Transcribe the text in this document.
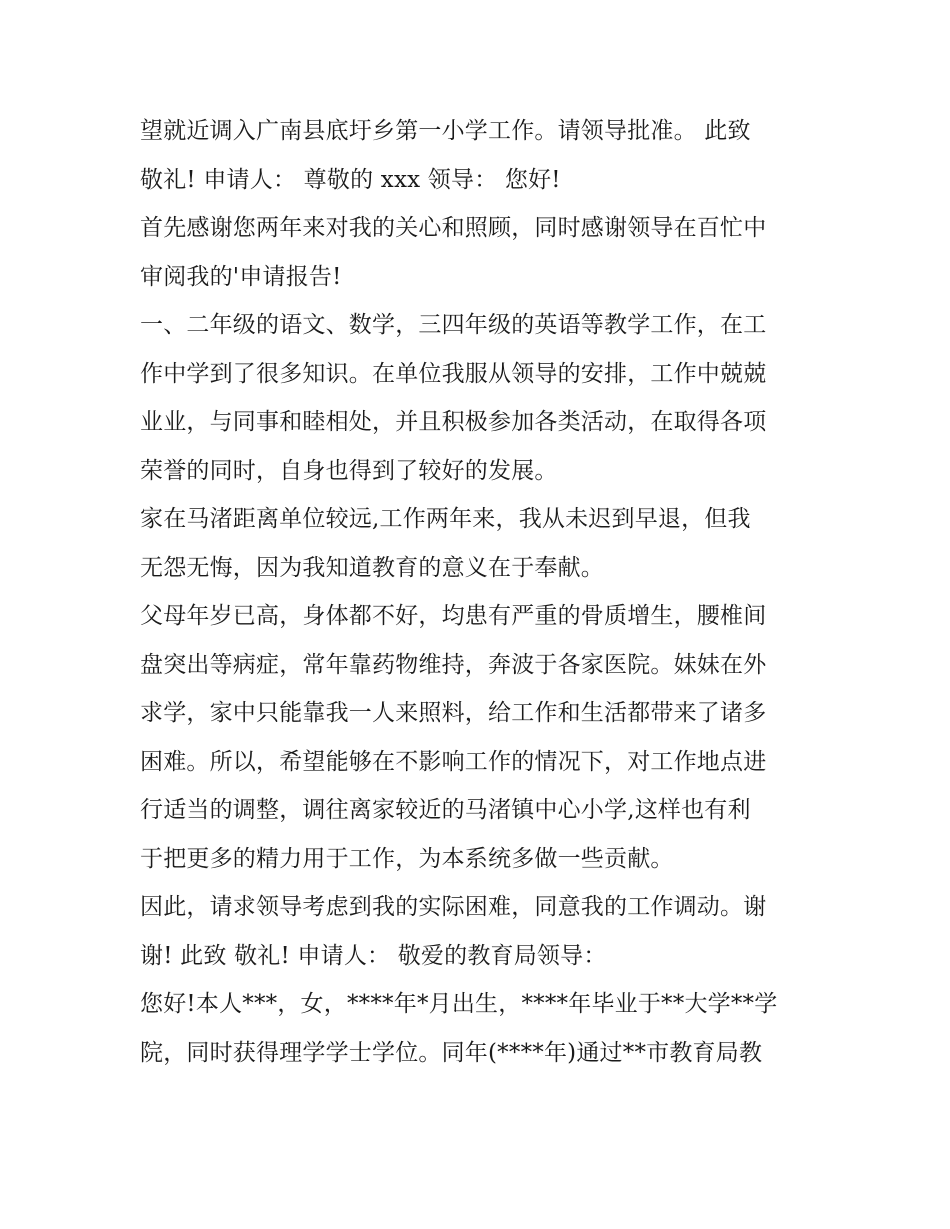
望就近调入广南县底圩乡第一小学工作。请领导批准。 此致
敬礼! 申请人： 尊敬的 xxx 领导： 您好!
首先感谢您两年来对我的关心和照顾，同时感谢领导在百忙中
审阅我的'申请报告!
一、二年级的语文、数学，三四年级的英语等教学工作，在工
作中学到了很多知识。在单位我服从领导的安排，工作中兢兢
业业，与同事和睦相处，并且积极参加各类活动，在取得各项
荣誉的同时，自身也得到了较好的发展。
家在马渚距离单位较远,工作两年来，我从未迟到早退，但我
无怨无悔，因为我知道教育的意义在于奉献。
父母年岁已高，身体都不好，均患有严重的骨质增生，腰椎间
盘突出等病症，常年靠药物维持，奔波于各家医院。妹妹在外
求学，家中只能靠我一人来照料，给工作和生活都带来了诸多
困难。所以，希望能够在不影响工作的情况下，对工作地点进
行适当的调整，调往离家较近的马渚镇中心小学,这样也有利
于把更多的精力用于工作，为本系统多做一些贡献。
因此，请求领导考虑到我的实际困难，同意我的工作调动。谢
谢! 此致 敬礼! 申请人： 敬爱的教育局领导：
您好!本人***，女，****年*月出生，****年毕业于**大学**学
院，同时获得理学学士学位。同年(****年)通过**市教育局教
